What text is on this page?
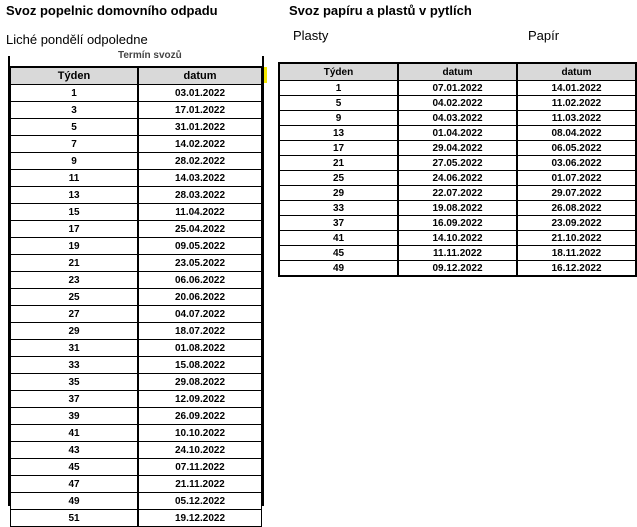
Svoz popelnic domovního odpadu
Liché pondělí odpoledne
Svoz papíru a plastů v pytlích
Plasty	Papír
Termín svozů
Týden	datum
1	03.01.2022
3	17.01.2022
5	31.01.2022
7	14.02.2022
9	28.02.2022
11	14.03.2022
13	28.03.2022
15	11.04.2022
17	25.04.2022
19	09.05.2022
21	23.05.2022
23	06.06.2022
25	20.06.2022
27	04.07.2022
29	18.07.2022
31	01.08.2022
33	15.08.2022
35	29.08.2022
37	12.09.2022
39	26.09.2022
41	10.10.2022
43	24.10.2022
45	07.11.2022
47	21.11.2022
49	05.12.2022
51	19.12.2022
Týden	datum	datum
1	07.01.2022	14.01.2022
5	04.02.2022	11.02.2022
9	04.03.2022	11.03.2022
13	01.04.2022	08.04.2022
17	29.04.2022	06.05.2022
21	27.05.2022	03.06.2022
25	24.06.2022	01.07.2022
29	22.07.2022	29.07.2022
33	19.08.2022	26.08.2022
37	16.09.2022	23.09.2022
41	14.10.2022	21.10.2022
45	11.11.2022	18.11.2022
49	09.12.2022	16.12.2022
